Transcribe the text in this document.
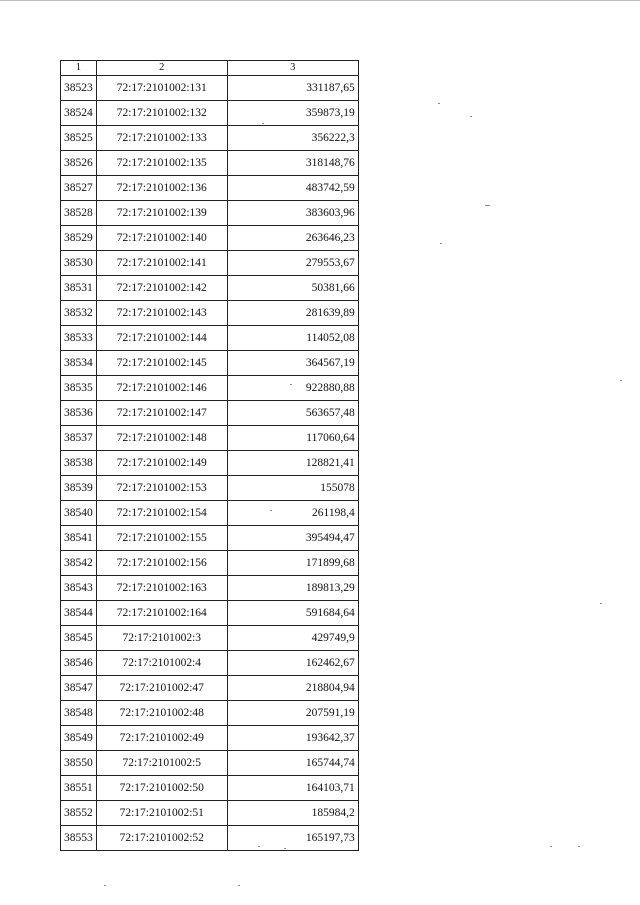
1	2	3
38523	72:17:2101002:131	331187,65
38524	72:17:2101002:132	359873,19
38525	72:17:2101002:133	356222,3
38526	72:17:2101002:135	318148,76
38527	72:17:2101002:136	483742,59
38528	72:17:2101002:139	383603,96
38529	72:17:2101002:140	263646,23
38530	72:17:2101002:141	279553,67
38531	72:17:2101002:142	50381,66
38532	72:17:2101002:143	281639,89
38533	72:17:2101002:144	114052,08
38534	72:17:2101002:145	364567,19
38535	72:17:2101002:146	922880,88
38536	72:17:2101002:147	563657,48
38537	72:17:2101002:148	117060,64
38538	72:17:2101002:149	128821,41
38539	72:17:2101002:153	155078
38540	72:17:2101002:154	261198,4
38541	72:17:2101002:155	395494,47
38542	72:17:2101002:156	171899,68
38543	72:17:2101002:163	189813,29
38544	72:17:2101002:164	591684,64
38545	72:17:2101002:3	429749,9
38546	72:17:2101002:4	162462,67
38547	72:17:2101002:47	218804,94
38548	72:17:2101002:48	207591,19
38549	72:17:2101002:49	193642,37
38550	72:17:2101002:5	165744,74
38551	72:17:2101002:50	164103,71
38552	72:17:2101002:51	185984,2
38553	72:17:2101002:52	165197,73
